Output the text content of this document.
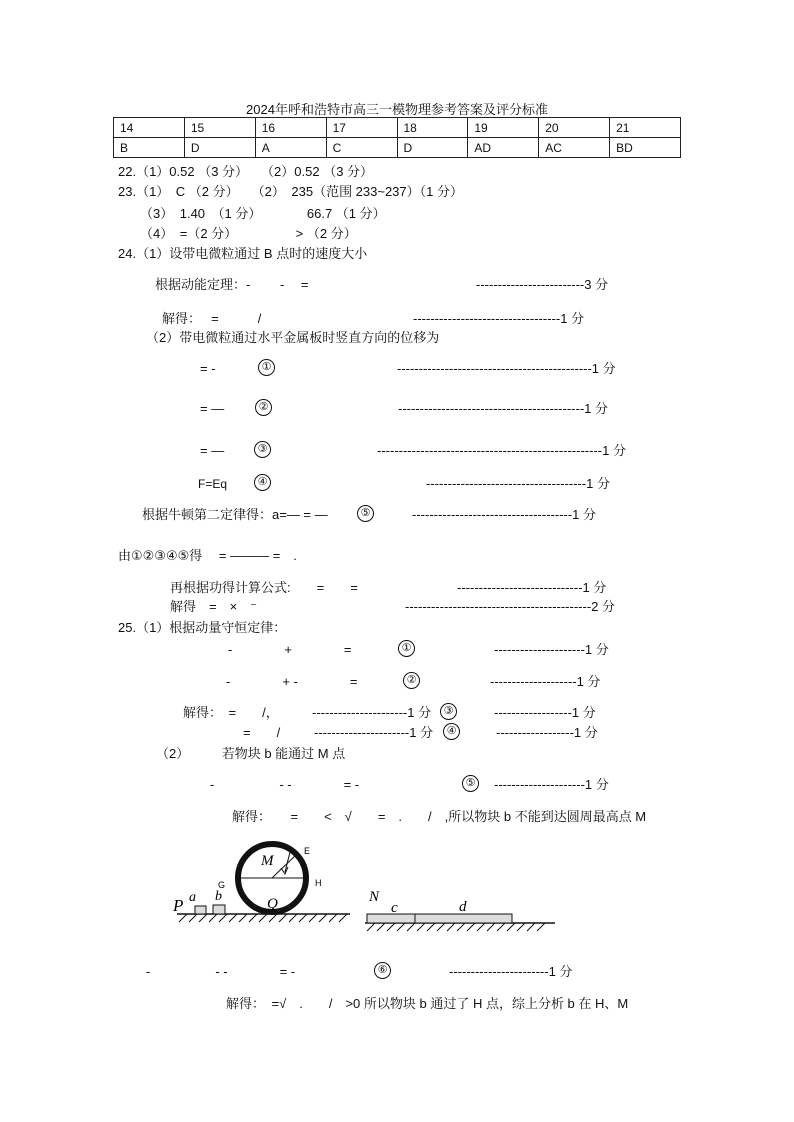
2024年呼和浩特市高三一模物理参考答案及评分标准
14	15	16	17	18	19	20	21
B	D	A	C	D	AD	AC	BD
22.（1）0.52 （3 分）　　（2）0.52 （3 分）
23.（1）　C （2 分）　　（2）　235（范围 233~237）（1 分）
（3）　1.40　（1 分）　　　　66.7 （1 分）
（4）　=（2 分）　　　　　> （2 分）
24.（1）设带电微粒通过 B 点时的速度大小
根据动能定理：-　　 -　 =	-------------------------3 分
解得：　 =　　　/	----------------------------------1 分
（2）带电微粒通过水平金属板时竖直方向的位移为
= -	①	---------------------------------------------1 分
= —	②	-------------------------------------------1 分
= —	③	----------------------------------------------------1 分
F=Eq	④	-------------------------------------1 分
根据牛顿第二定律得：a=— = —	⑤	-------------------------------------1 分
由①②③④⑤得　 = ——— =　.
再根据功得计算公式:　　=　　=	-----------------------------1 分
解得　=　×　⁻	-------------------------------------------2 分
25.（1）根据动量守恒定律：
-　　　　+　　　　=	①	---------------------1 分
-　　　　+ -　　　　=	②	--------------------1 分
解得：　=　　/，	----------------------1 分	③	------------------1 分
=　　/	----------------------1 分	④	------------------1 分
（2）　　　若物块 b 能通过 M 点
-　　　　　- -　　　　= -	⑤ ---------------------1 分
解得：　　=　　<　√　　=　.　　/　,所以物块 b 不能到达圆周最高点 M
P a b
G
M
E
H
Q	N
c	d
-　　　　　- -　　　　= -	⑥	-----------------------1 分
解得：　=√　.　　/　>0 所以物块 b 通过了 H 点，综上分析 b 在 H、M
